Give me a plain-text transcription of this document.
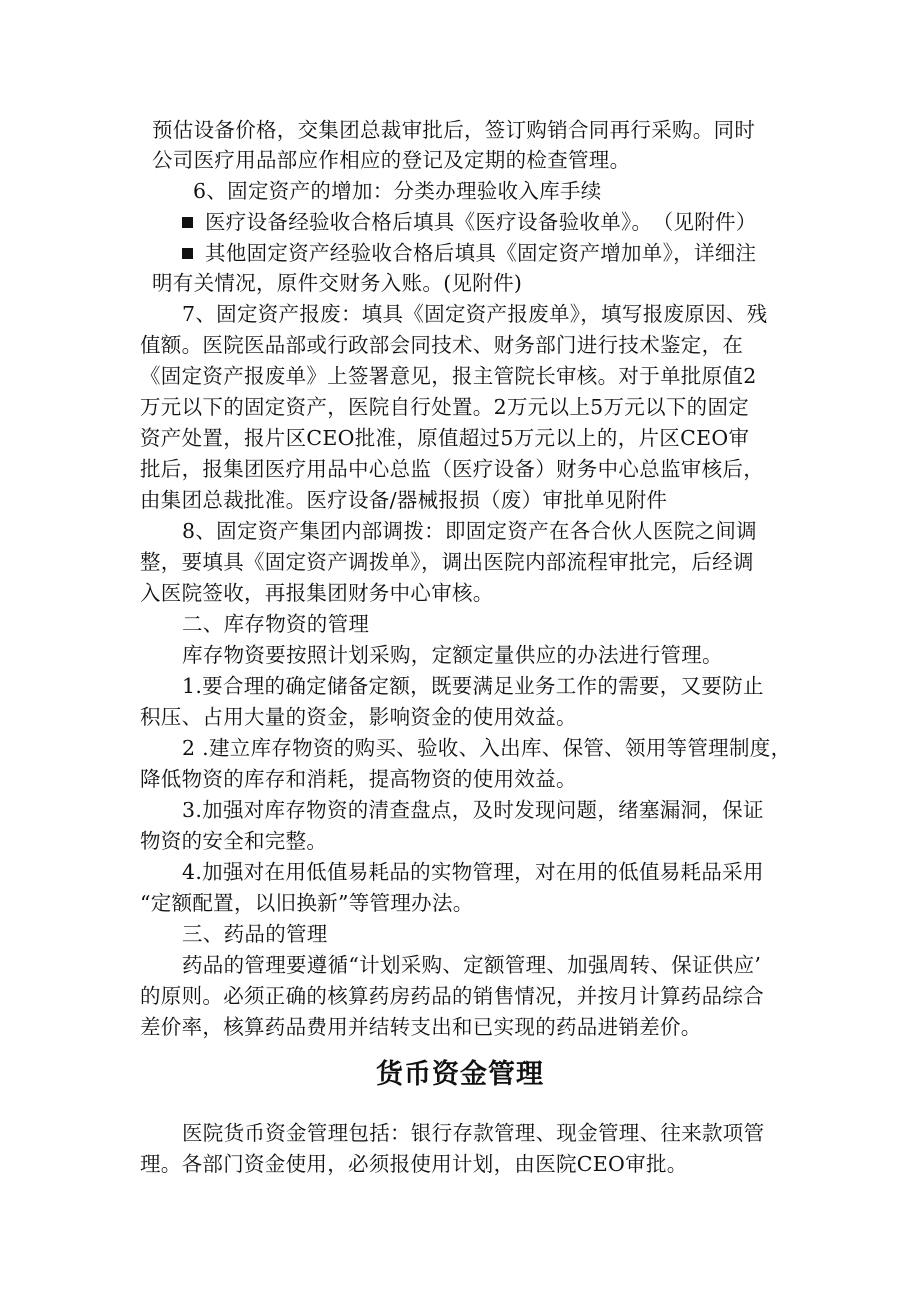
预估设备价格，交集团总裁审批后，签订购销合同再行采购。同时
公司医疗用品部应作相应的登记及定期的检查管理。
6、固定资产的增加：分类办理验收入库手续
医疗设备经验收合格后填具《医疗设备验收单》。　（见附件）
其他固定资产经验收合格后填具《固定资产增加单》，详细注
明有关情况，原件交财务入账。(见附件)
7、固定资产报废：填具《固定资产报废单》，填写报废原因、残
值额。医院医品部或行政部会同技术、财务部门进行技术鉴定，在
《固定资产报废单》上签署意见，报主管院长审核。对于单批原值2
万元以下的固定资产，医院自行处置。2万元以上5万元以下的固定
资产处置，报片区CEO批准，原值超过5万元以上的，片区CEO审
批后，报集团医疗用品中心总监（医疗设备）财务中心总监审核后，
由集团总裁批准。医疗设备/器械报损（废）审批单见附件
8、固定资产集团内部调拨：即固定资产在各合伙人医院之间调
整，要填具《固定资产调拨单》，调出医院内部流程审批完，后经调
入医院签收，再报集团财务中心审核。
二、库存物资的管理
库存物资要按照计划采购，定额定量供应的办法进行管理。
1.要合理的确定储备定额，既要满足业务工作的需要，又要防止
积压、占用大量的资金，影响资金的使用效益。
2 .建立库存物资的购买、验收、入出库、保管、领用等管理制度，
降低物资的库存和消耗，提高物资的使用效益。
3.加强对库存物资的清查盘点，及时发现问题，绪塞漏洞，保证
物资的安全和完整。
4.加强对在用低值易耗品的实物管理，对在用的低值易耗品采用
“定额配置，以旧换新”等管理办法。
三、药品的管理
药品的管理要遵循“计划采购、定额管理、加强周转、保证供应’
的原则。必须正确的核算药房药品的销售情况，并按月计算药品综合
差价率，核算药品费用并结转支出和已实现的药品进销差价。
货币资金管理
医院货币资金管理包括：银行存款管理、现金管理、往来款项管
理。各部门资金使用，必须报使用计划，由医院CEO审批。
